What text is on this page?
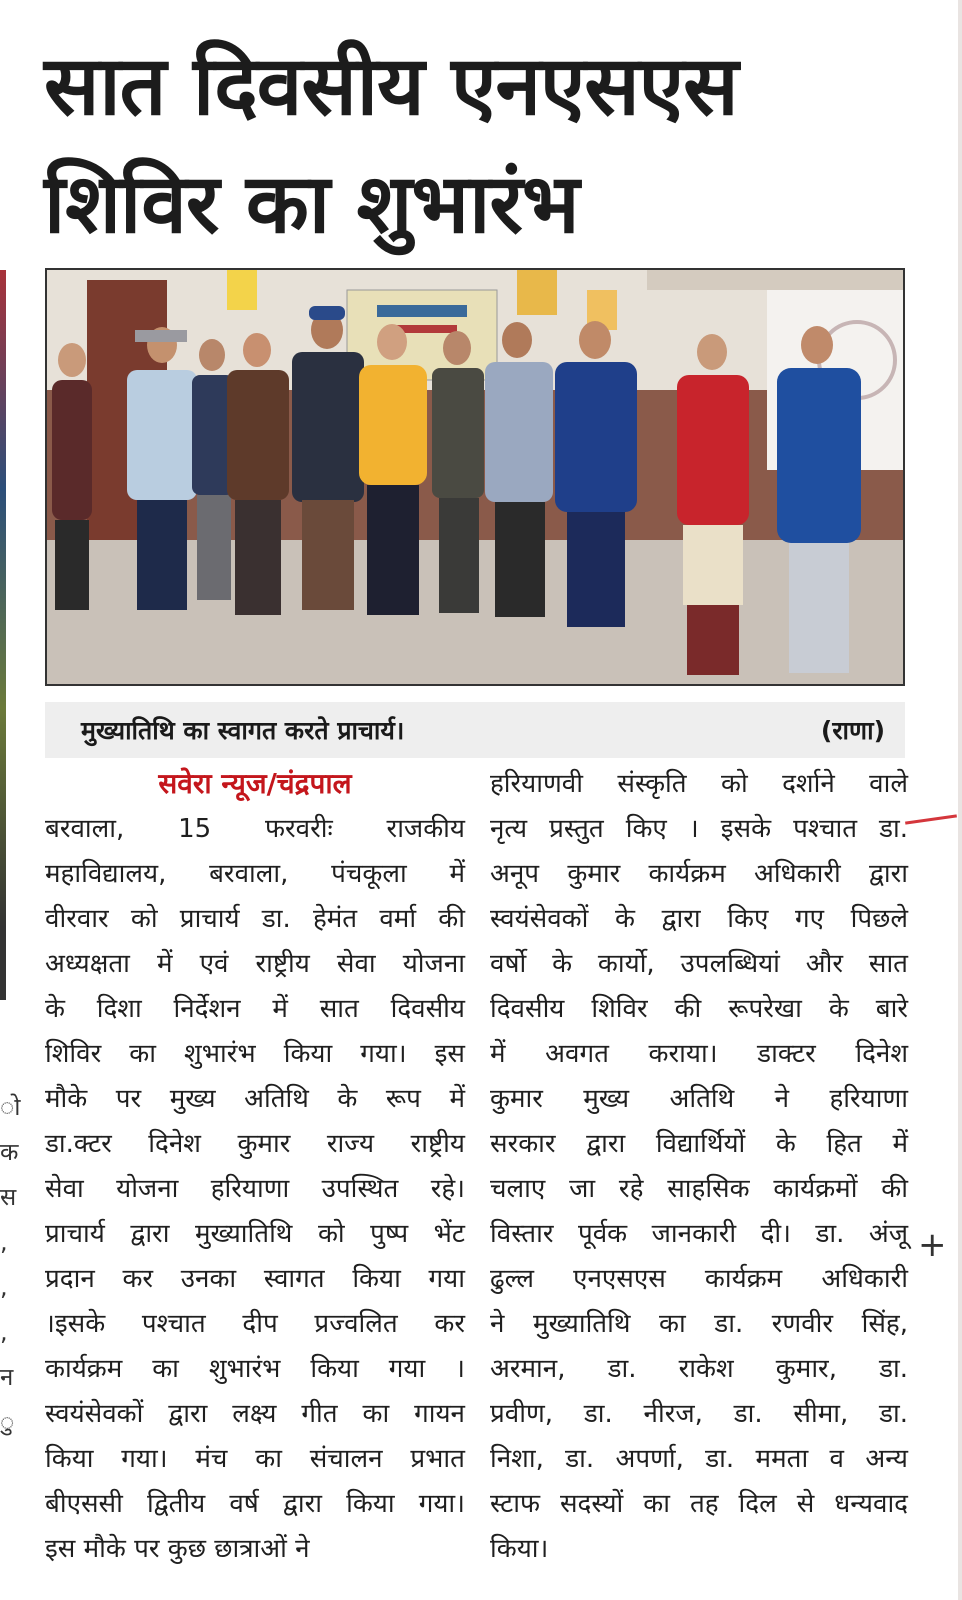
ो
क
स
,
,
,
न
ु
सात दिवसीय एनएसएस
शिविर का शुभारंभ
मुख्यातिथि का स्वागत करते प्राचार्य।	(राणा)
सवेरा न्यूज/चंद्रपाल
बरवाला, 15 फरवरीः राजकीय
महाविद्यालय, बरवाला, पंचकूला में
वीरवार को प्राचार्य डा. हेमंत वर्मा की
अध्यक्षता में एवं राष्ट्रीय सेवा योजना
के दिशा निर्देशन में सात दिवसीय
शिविर का शुभारंभ किया गया। इस
मौके पर मुख्य अतिथि के रूप में
डा.क्टर दिनेश कुमार राज्य राष्ट्रीय
सेवा योजना हरियाणा उपस्थित रहे।
प्राचार्य द्वारा मुख्यातिथि को पुष्प भेंट
प्रदान कर उनका स्वागत किया गया
।इसके पश्चात दीप प्रज्वलित कर
कार्यक्रम का शुभारंभ किया गया ।
स्वयंसेवकों द्वारा लक्ष्य गीत का गायन
किया गया। मंच का संचालन प्रभात
बीएससी द्वितीय वर्ष द्वारा किया गया।
इस मौके पर कुछ छात्राओं ने
हरियाणवी संस्कृति को दर्शाने वाले
नृत्य प्रस्तुत किए । इसके पश्चात डा.
अनूप कुमार कार्यक्रम अधिकारी द्वारा
स्वयंसेवकों के द्वारा किए गए पिछले
वर्षो के कार्यो, उपलब्धियां और सात
दिवसीय शिविर की रूपरेखा के बारे
में अवगत कराया। डाक्टर दिनेश
कुमार मुख्य अतिथि ने हरियाणा
सरकार द्वारा विद्यार्थियों के हित में
चलाए जा रहे साहसिक कार्यक्रमों की
विस्तार पूर्वक जानकारी दी। डा. अंजू
ढुल्ल एनएसएस कार्यक्रम अधिकारी
ने मुख्यातिथि का डा. रणवीर सिंह,
अरमान, डा. राकेश कुमार, डा.
प्रवीण, डा. नीरज, डा. सीमा, डा.
निशा, डा. अपर्णा, डा. ममता व अन्य
स्टाफ सदस्यों का तह दिल से धन्यवाद
किया।
+
